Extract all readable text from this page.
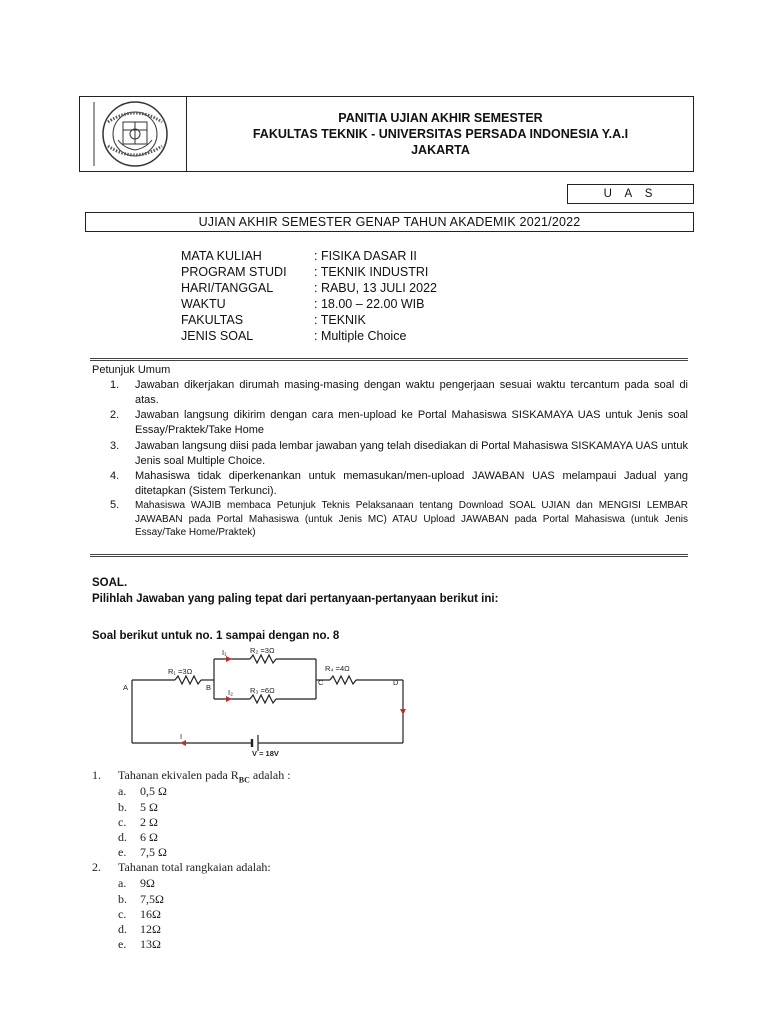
PANITIA UJIAN AKHIR SEMESTER
FAKULTAS TEKNIK - UNIVERSITAS PERSADA INDONESIA Y.A.I
JAKARTA
U A S
UJIAN AKHIR SEMESTER GENAP TAHUN AKADEMIK 2021/2022
MATA KULIAH	: FISIKA DASAR II
PROGRAM STUDI	: TEKNIK INDUSTRI
HARI/TANGGAL	: RABU, 13 JULI 2022
WAKTU	: 18.00 – 22.00 WIB
FAKULTAS	: TEKNIK
JENIS SOAL	: Multiple Choice
Petunjuk Umum
1. Jawaban dikerjakan dirumah masing-masing dengan waktu pengerjaan sesuai waktu tercantum pada soal di atas.
2. Jawaban langsung dikirim dengan cara men-upload ke Portal Mahasiswa SISKAMAYA UAS untuk Jenis soal Essay/Praktek/Take Home
3. Jawaban langsung diisi pada lembar jawaban yang telah disediakan di Portal Mahasiswa SISKAMAYA UAS untuk Jenis soal Multiple Choice.
4. Mahasiswa tidak diperkenankan untuk memasukan/men-upload JAWABAN UAS melampaui Jadual yang ditetapkan (Sistem Terkunci).
5. Mahasiswa WAJIB membaca Petunjuk Teknis Pelaksanaan tentang Download SOAL UJIAN dan MENGISI LEMBAR JAWABAN pada Portal Mahasiswa (untuk Jenis MC) ATAU Upload JAWABAN pada Portal Mahasiswa (untuk Jenis Essay/Take Home/Praktek)
SOAL.
Pilihlah Jawaban yang paling tepat dari pertanyaan-pertanyaan berikut ini:
Soal berikut untuk no. 1 sampai dengan no. 8
A	B
C	D
R₁ =3Ω
R₂ =3Ω
R₃ =6Ω
R₄ =4Ω
I₁
I₂
I
V = 18V
1. Tahanan ekivalen pada $R_{BC}$ adalah :
a. 0,5 Ω
b. 5 Ω
c. 2 Ω
d. 6 Ω
e. 7,5 Ω
2. Tahanan total rangkaian adalah:
a. 9Ω
b. 7,5Ω
c. 16Ω
d. 12Ω
e. 13Ω
